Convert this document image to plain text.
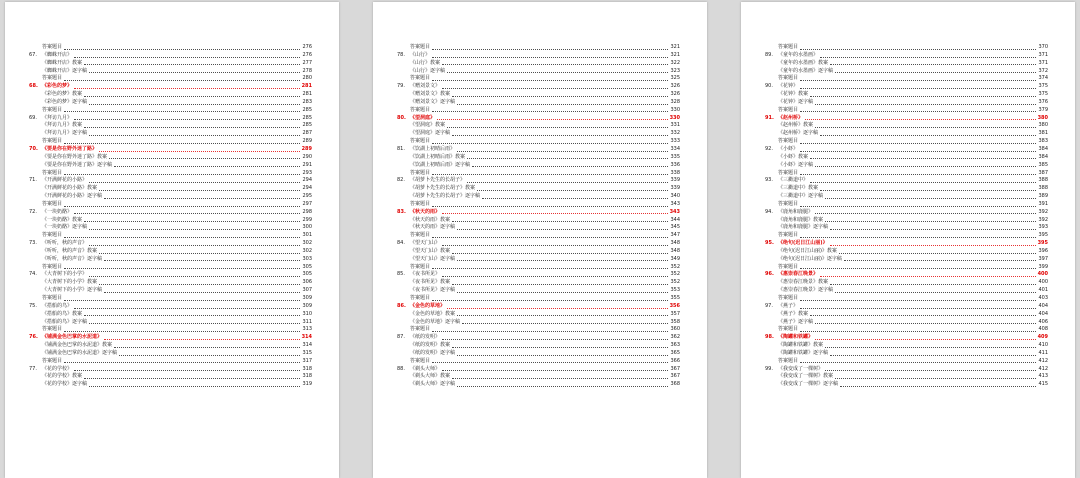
答案题目	276
67.	《蜘蛛开店》	276
《蜘蛛开店》教案	277
《蜘蛛开店》逐字稿	278
答案题目	280
68. 《彩色的梦》	281
《彩色的梦》教案	281
《彩色的梦》逐字稿	283
答案题目	285
69.	《拜访九月》	285
《拜访九月》教案	285
《拜访九月》逐字稿	287
答案题目	289
70. 《要是你在野外迷了路》	289
《要是你在野外迷了路》教案	290
《要是你在野外迷了路》逐字稿	291
答案题目	293
71.	《开满鲜花的小路》	294
《开满鲜花的小路》教案	294
《开满鲜花的小路》逐字稿	295
答案题目	297
72.	《一块奶酪》	298
《一块奶酪》教案	299
《一块奶酪》逐字稿	300
答案题目	301
73.	《听听，秋的声音》	302
《听听，秋的声音》教案	302
《听听，秋的声音》逐字稿	303
答案题目	305
74.	《大青树下的小学》	305
《大青树下的小学》教案	306
《大青树下的小学》逐字稿	307
答案题目	309
75.	《搭船的鸟》	309
《搭船的鸟》教案	310
《搭船的鸟》逐字稿	311
答案题目	313
76. 《铺满金色巴掌的水泥道》	314
《铺满金色巴掌的水泥道》教案	314
《铺满金色巴掌的水泥道》逐字稿	315
答案题目	317
77.	《花的学校》	318
《花的学校》教案	318
《花的学校》逐字稿	319
答案题目	321
78.	《山行》	321
《山行》教案	322
《山行》逐字稿	323
答案题目	325
79.	《赠刘景文》	326
《赠刘景文》教案	326
《赠刘景文》逐字稿	328
答案题目	330
80. 《望洞庭》	330
《望洞庭》教案	331
《望洞庭》逐字稿	332
答案题目	333
81.	《饮湖上初晴后雨》	334
《饮湖上初晴后雨》教案	335
《饮湖上初晴后雨》逐字稿	336
答案题目	338
82.	《胡萝卜先生的长胡子》	339
《胡萝卜先生的长胡子》教案	339
《胡萝卜先生的长胡子》逐字稿	340
答案题目	343
83. 《秋天的雨》	343
《秋天的雨》教案	344
《秋天的雨》逐字稿	345
答案题目	347
84.	《望天门山》	348
《望天门山》教案	348
《望天门山》逐字稿	349
答案题目	352
85.	《夜书所见》	352
《夜书所见》教案	352
《夜书所见》逐字稿	353
答案题目	355
86. 《金色的草地》	356
《金色的草地》教案	357
《金色的草地》逐字稿	358
答案题目	360
87.	《纸的发明》	362
《纸的发明》教案	363
《纸的发明》逐字稿	365
答案题目	366
88.	《剃头大师》	367
《剃头大师》教案	367
《剃头大师》逐字稿	368
答案题目	370
89.	《童年的水墨画》	371
《童年的水墨画》教案	371
《童年的水墨画》逐字稿	372
答案题目	374
90.	《花钟》	375
《花钟》教案	375
《花钟》逐字稿	376
答案题目	379
91. 《赵州桥》	380
《赵州桥》教案	380
《赵州桥》逐字稿	381
答案题目	383
92.	《小虾》	384
《小虾》教案	384
《小虾》逐字稿	385
答案题目	387
93.	《三衢道中》	388
《三衢道中》教案	388
《三衢道中》逐字稿	389
答案题目	391
94.	《鹿角和鹿腿》	392
《鹿角和鹿腿》教案	392
《鹿角和鹿腿》逐字稿	393
答案题目	395
95. 《绝句(迟日江山丽)》	395
《绝句(迟日江山丽)》教案	396
《绝句(迟日江山丽)》逐字稿	397
答案题目	399
96. 《惠崇春江晚景》	400
《惠崇春江晚景》教案	400
《惠崇春江晚景》逐字稿	401
答案题目	403
97.	《燕子》	404
《燕子》教案	404
《燕子》逐字稿	406
答案题目	408
98. 《陶罐和铁罐》	409
《陶罐和铁罐》教案	410
《陶罐和铁罐》逐字稿	411
答案题目	412
99.	《我变成了一棵树》	412
《我变成了一棵树》教案	413
《我变成了一棵树》逐字稿	415
